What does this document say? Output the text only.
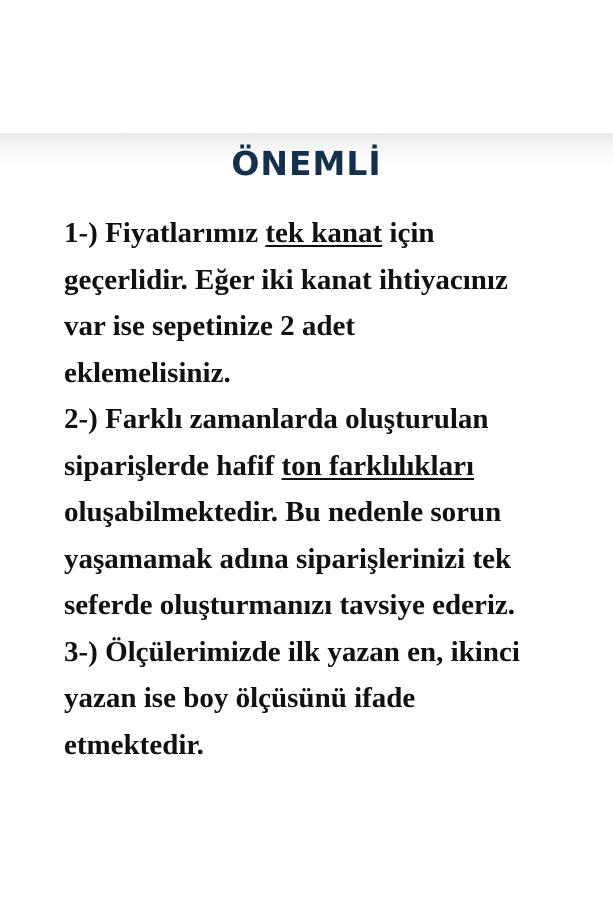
ÖNEMLİ
1-) Fiyatlarımız tek kanat için
geçerlidir. Eğer iki kanat ihtiyacınız
var ise sepetinize 2 adet
eklemelisiniz.
2-) Farklı zamanlarda oluşturulan
siparişlerde hafif ton farklılıkları
oluşabilmektedir. Bu nedenle sorun
yaşamamak adına siparişlerinizi tek
seferde oluşturmanızı tavsiye ederiz.
3-) Ölçülerimizde ilk yazan en, ikinci
yazan ise boy ölçüsünü ifade
etmektedir.
